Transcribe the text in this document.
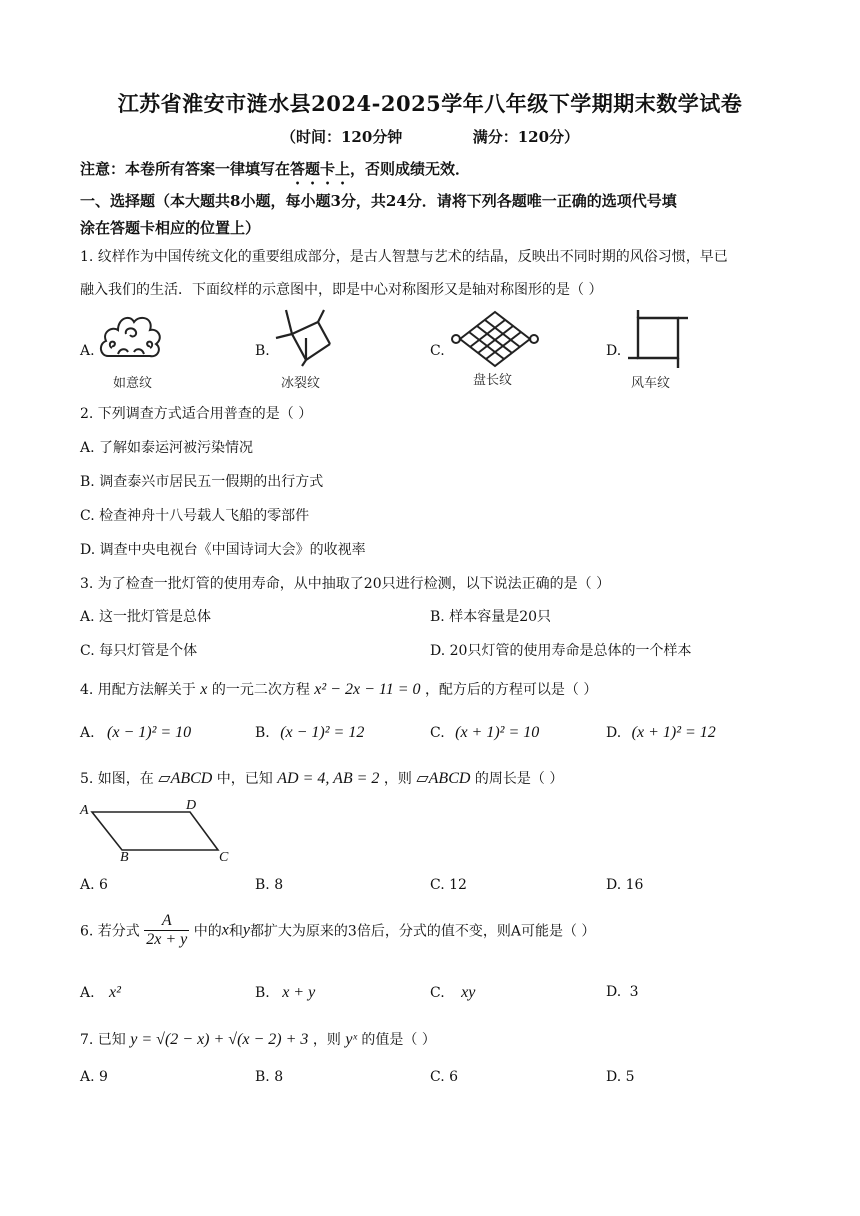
江苏省淮安市涟水县2024-2025学年八年级下学期期末数学试卷
（时间：120分钟	满分：120分）
注意：本卷所有答案一律填写在答题卡上，否则成绩无效．
一、选择题（本大题共8小题，每小题3分，共24分．请将下列各题唯一正确的选项代号填
涂在答题卡相应的位置上）
1. 纹样作为中国传统文化的重要组成部分，是古人智慧与艺术的结晶，反映出不同时期的风俗习惯，早已
融入我们的生活．下面纹样的示意图中，即是中心对称图形又是轴对称图形的是（ ）
A.
如意纹
B.
冰裂纹
C.
盘长纹
D.
风车纹
2. 下列调查方式适合用普查的是（ ）
A. 了解如泰运河被污染情况
B. 调查泰兴市居民五一假期的出行方式
C. 检查神舟十八号载人飞船的零部件
D. 调查中央电视台《中国诗词大会》的收视率
3. 为了检查一批灯管的使用寿命，从中抽取了20只进行检测，以下说法正确的是（ ）
A. 这一批灯管是总体	B. 样本容量是20只
C. 每只灯管是个体	D. 20只灯管的使用寿命是总体的一个样本
4. 用配方法解关于 x 的一元二次方程 x² − 2x − 11 = 0 ，配方后的方程可以是（ ）
A. (x − 1)² = 10	B. (x − 1)² = 12	C. (x + 1)² = 10	D. (x + 1)² = 12
5. 如图，在 ▱ABCD 中，已知 AD = 4, AB = 2 ，则 ▱ABCD 的周长是（ ）
A	D
B	C
A. 6	B. 8	C. 12	D. 16
6. 若分式 $\frac{A}{2x + y}$ 中的x和y都扩大为原来的3倍后，分式的值不变，则A可能是（ ）
A. x²	B. x + y	C. xy	D. 3
7. 已知 y = √(2 − x) + √(x − 2) + 3 ，则 yˣ 的值是（ ）
A. 9	B. 8	C. 6	D. 5
